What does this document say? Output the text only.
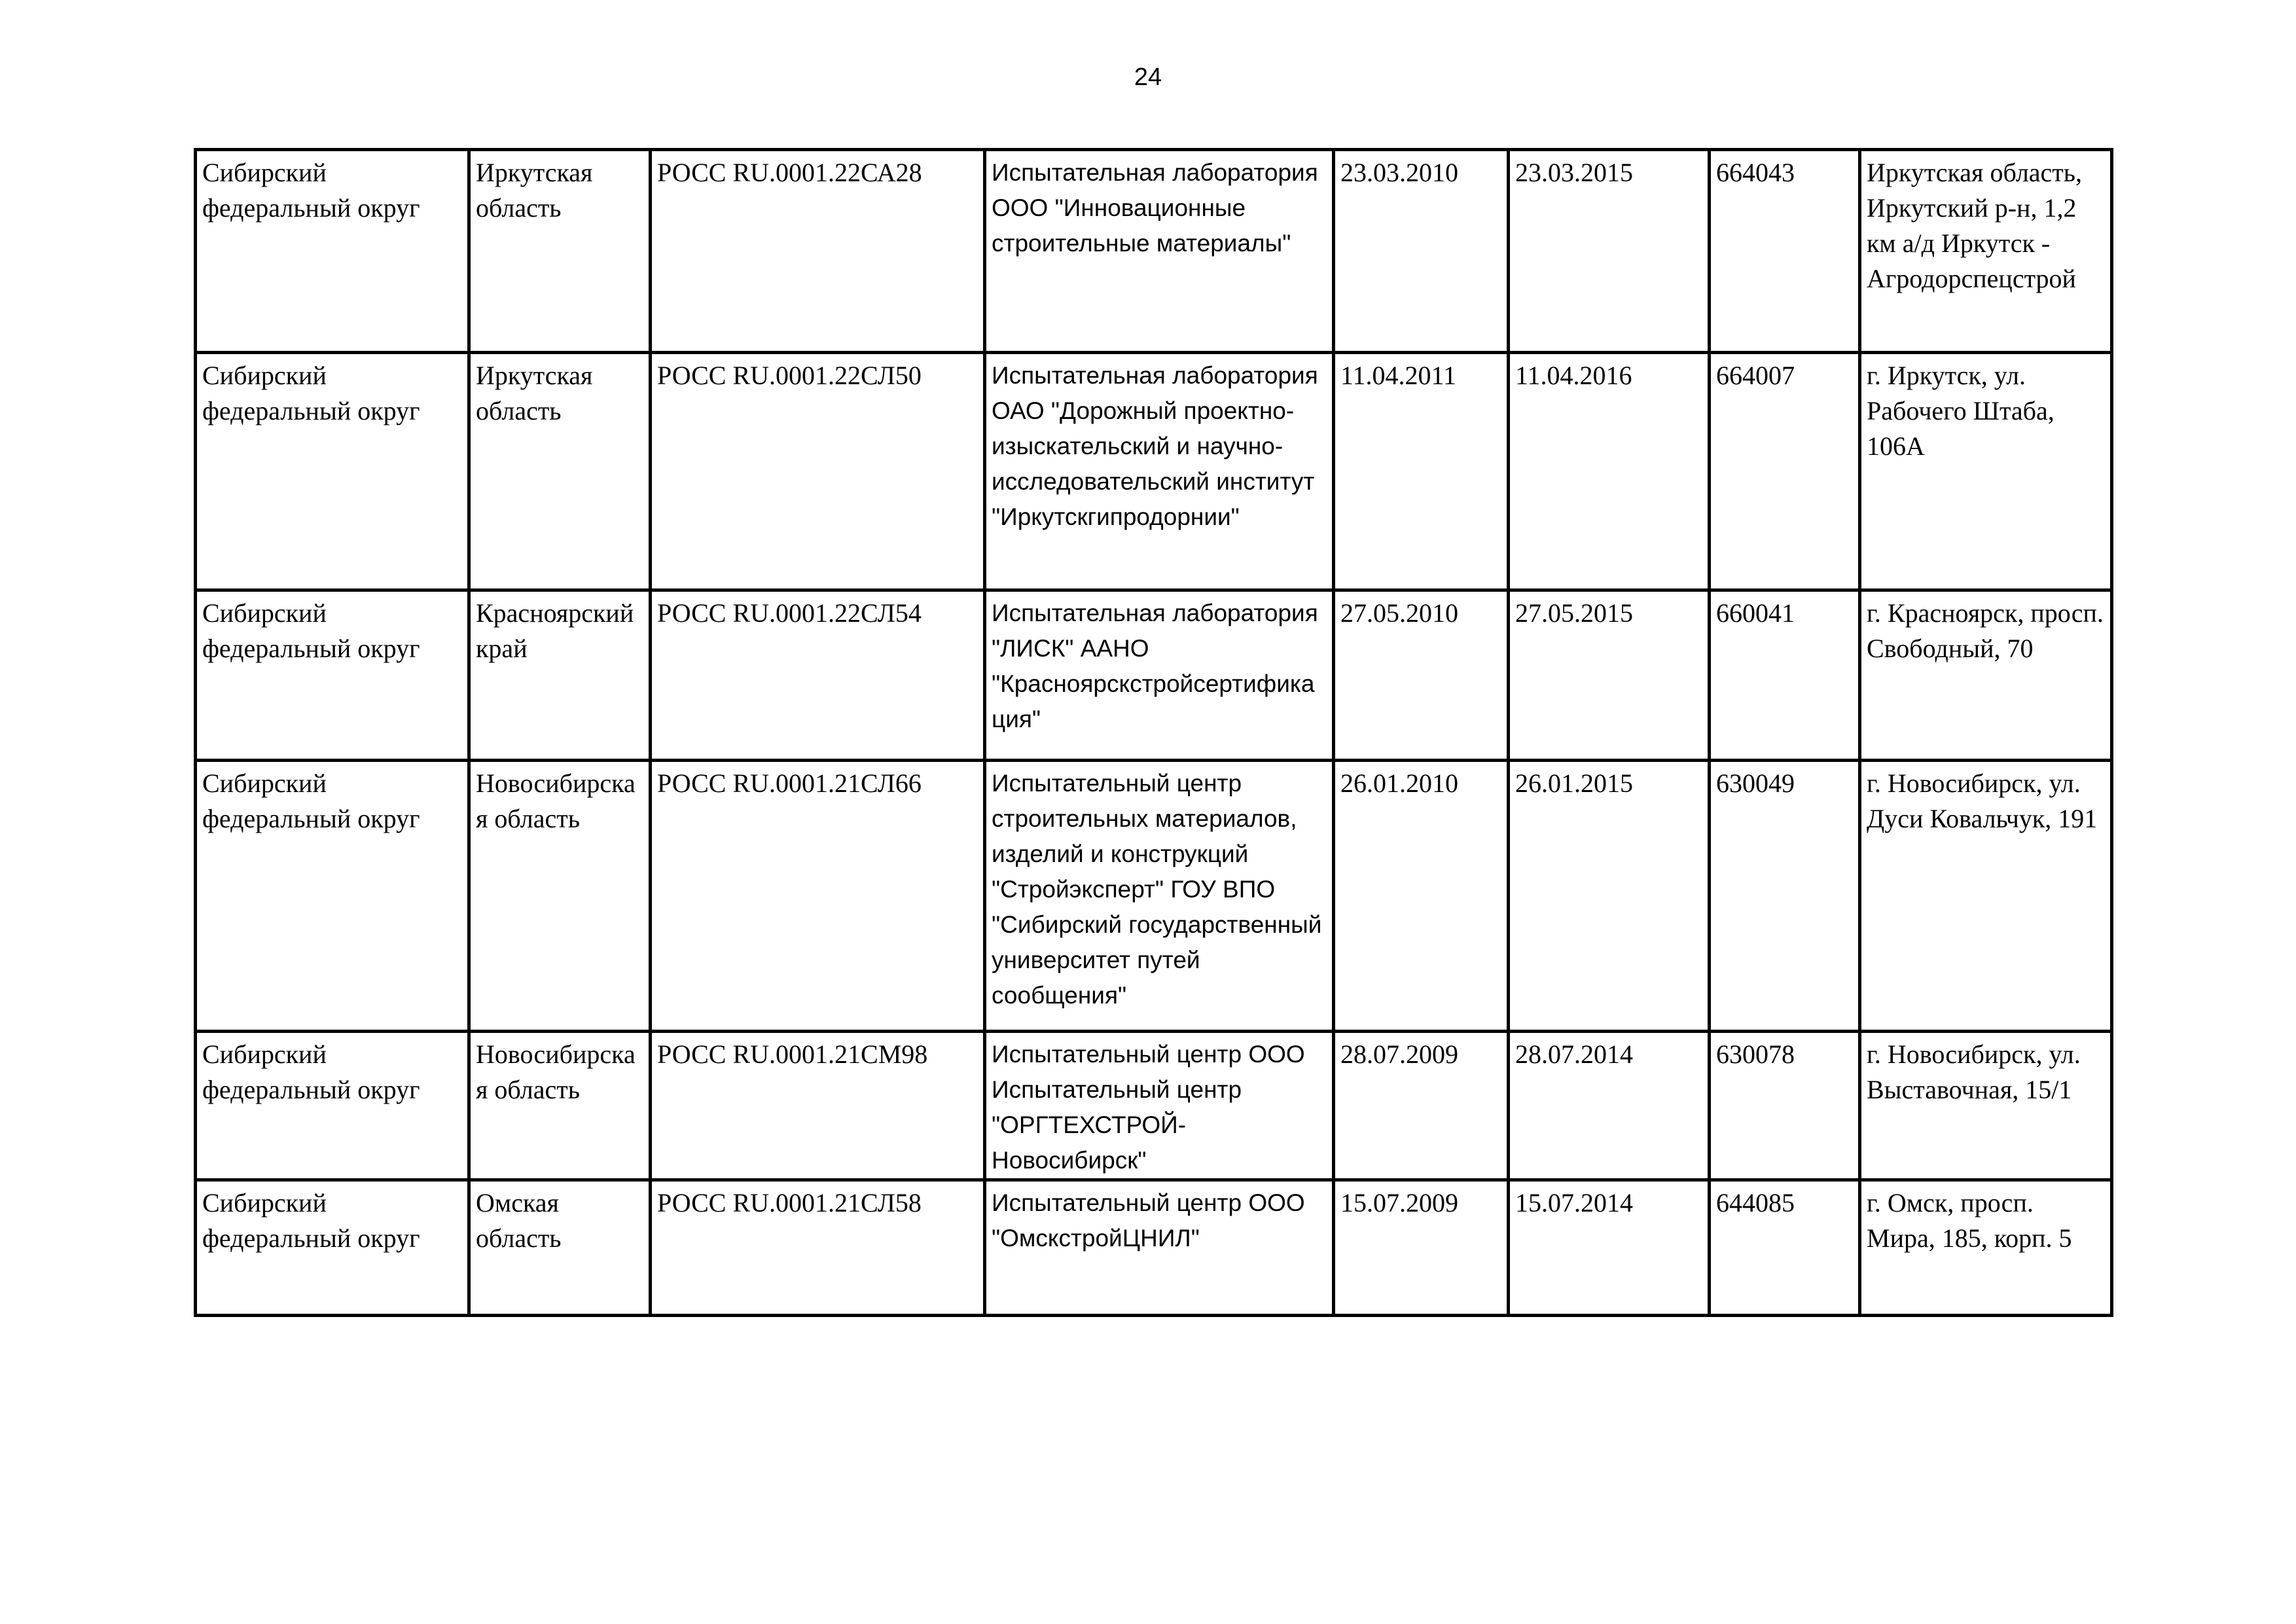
24
Сибирский федеральный округ	Иркутская область	РОСС RU.0001.22СА28	Испытательная лаборатория ООО "Инновационные строительные материалы"	23.03.2010	23.03.2015	664043	Иркутская область, Иркутский р-н, 1,2 км а/д Иркутск - Агродорспецстрой
Сибирский федеральный округ	Иркутская область	РОСС RU.0001.22СЛ50	Испытательная лаборатория ОАО "Дорожный проектно-изыскательский и научно-исследовательский институт "Иркутскгипродорнии"	11.04.2011	11.04.2016	664007	г. Иркутск, ул. Рабочего Штаба, 106А
Сибирский федеральный округ	Красноярский край	РОСС RU.0001.22СЛ54	Испытательная лаборатория "ЛИСК" ААНО "Красноярскстройсертификация"	27.05.2010	27.05.2015	660041	г. Красноярск, просп. Свободный, 70
Сибирский федеральный округ	Новосибирская область	РОСС RU.0001.21СЛ66	Испытательный центр строительных материалов, изделий и конструкций "Стройэксперт" ГОУ ВПО "Сибирский государственный университет путей сообщения"	26.01.2010	26.01.2015	630049	г. Новосибирск, ул. Дуси Ковальчук, 191
Сибирский федеральный округ	Новосибирская область	РОСС RU.0001.21СМ98	Испытательный центр ООО Испытательный центр "ОРГТЕХСТРОЙ-Новосибирск"	28.07.2009	28.07.2014	630078	г. Новосибирск, ул. Выставочная, 15/1
Сибирский федеральный округ	Омская область	РОСС RU.0001.21СЛ58	Испытательный центр ООО "ОмскстройЦНИЛ"	15.07.2009	15.07.2014	644085	г. Омск, просп. Мира, 185, корп. 5
